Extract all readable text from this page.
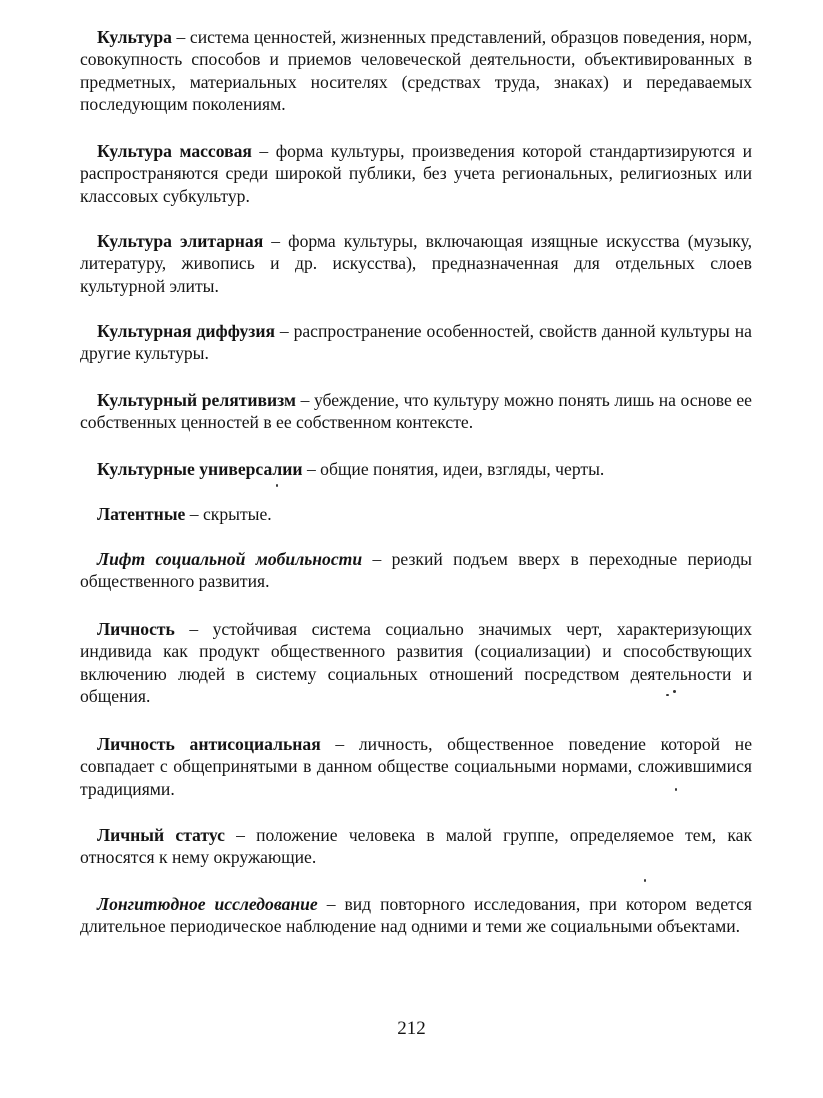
Культура – система ценностей, жизненных представлений, образцов поведения, норм, совокупность способов и приемов человеческой деятельности, объективированных в предметных, материальных носителях (средствах труда, знаках) и передаваемых последующим поколениям.

Культура массовая – форма культуры, произведения которой стандартизируются и распространяются среди широкой публики, без учета региональных, религиозных или классовых субкультур.

Культура элитарная – форма культуры, включающая изящные искусства (музыку, литературу, живопись и др. искусства), предназначенная для отдельных слоев культурной элиты.

Культурная диффузия – распространение особенностей, свойств данной культуры на другие культуры.

Культурный релятивизм – убеждение, что культуру можно понять лишь на основе ее собственных ценностей в ее собственном контексте.

Культурные универсалии – общие понятия, идеи, взгляды, черты.

Латентные – скрытые.

Лифт социальной мобильности – резкий подъем вверх в переходные периоды общественного развития.

Личность – устойчивая система социально значимых черт, характеризующих индивида как продукт общественного развития (социализации) и способствующих включению людей в систему социальных отношений посредством деятельности и общения.

Личность антисоциальная – личность, общественное поведение которой не совпадает с общепринятыми в данном обществе социальными нормами, сложившимися традициями.

Личный статус – положение человека в малой группе, определяемое тем, как относятся к нему окружающие.

Лонгитюдное исследование – вид повторного исследования, при котором ведется длительное периодическое наблюдение над одними и теми же социальными объектами.

212
